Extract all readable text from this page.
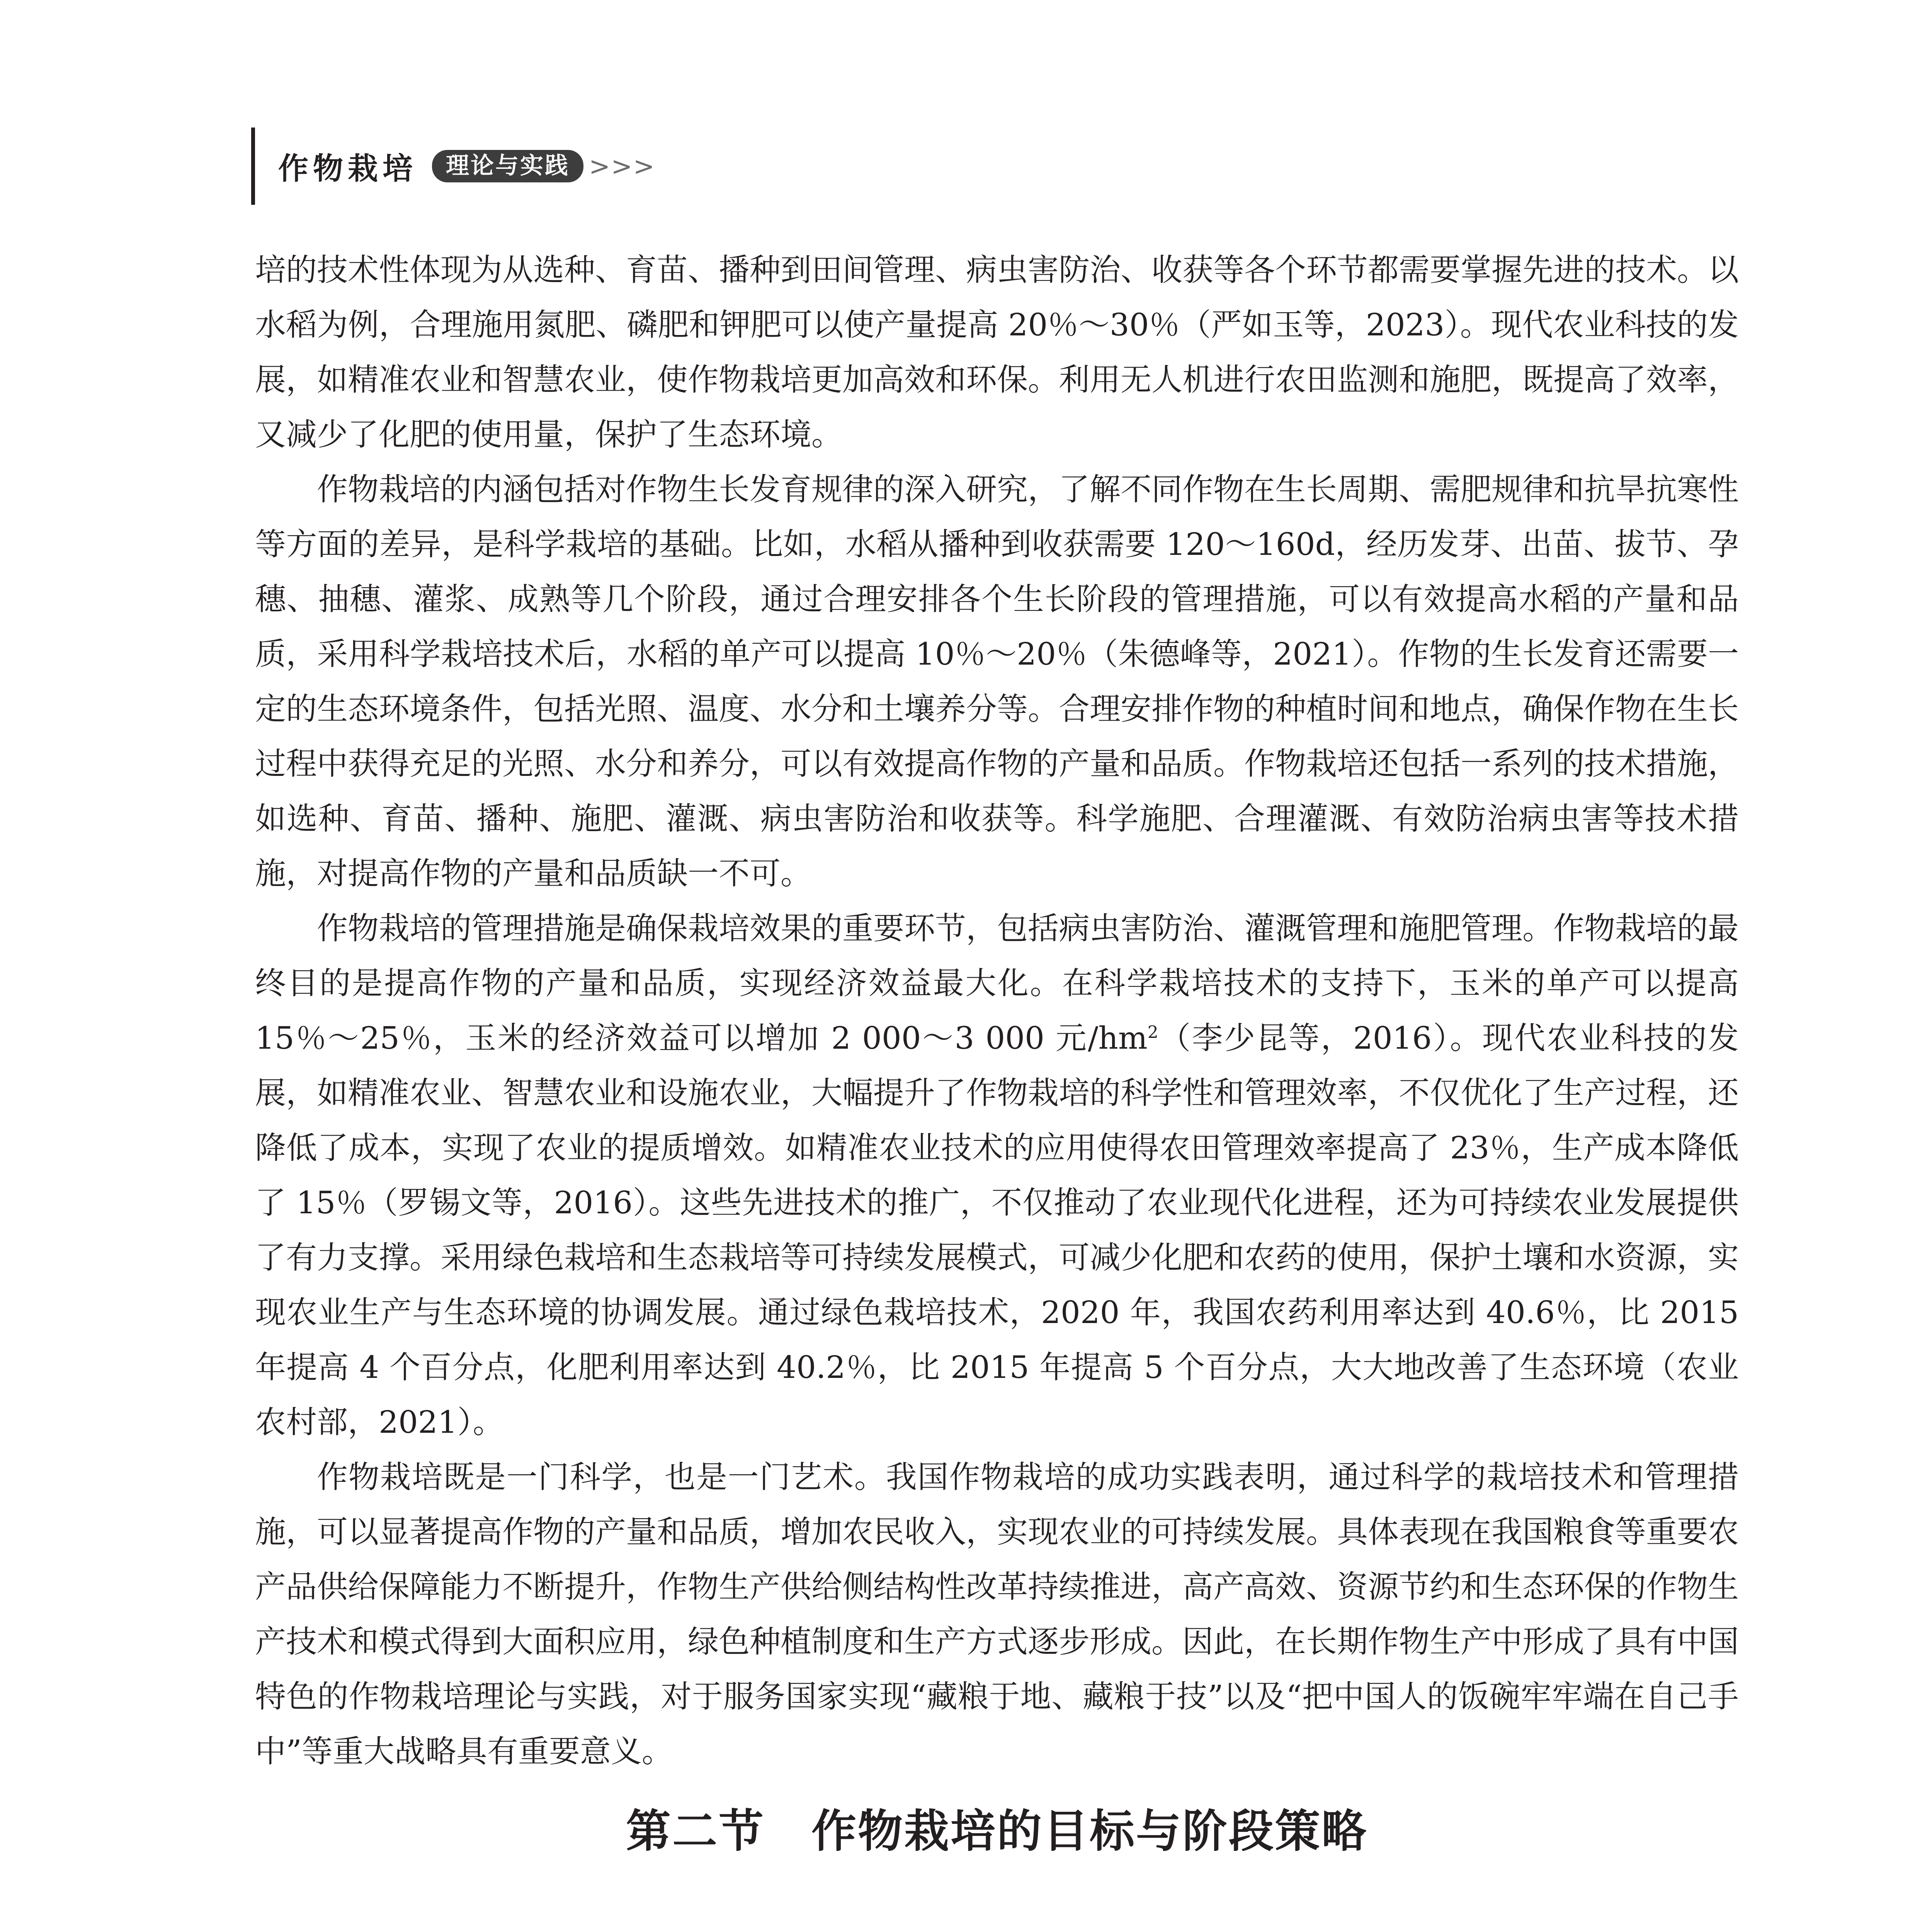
作物栽培	理论与实践 >>>

培的技术性体现为从选种、育苗、播种到田间管理、病虫害防治、收获等各个环节都需要掌握先进的技术。以水稻为例，合理施用氮肥、磷肥和钾肥可以使产量提高 20％～30％（严如玉等，2023）。现代农业科技的发展，如精准农业和智慧农业，使作物栽培更加高效和环保。利用无人机进行农田监测和施肥，既提高了效率，又减少了化肥的使用量，保护了生态环境。

作物栽培的内涵包括对作物生长发育规律的深入研究，了解不同作物在生长周期、需肥规律和抗旱抗寒性等方面的差异，是科学栽培的基础。比如，水稻从播种到收获需要 120～160d，经历发芽、出苗、拔节、孕穗、抽穗、灌浆、成熟等几个阶段，通过合理安排各个生长阶段的管理措施，可以有效提高水稻的产量和品质，采用科学栽培技术后，水稻的单产可以提高 10％～20％（朱德峰等，2021）。作物的生长发育还需要一定的生态环境条件，包括光照、温度、水分和土壤养分等。合理安排作物的种植时间和地点，确保作物在生长过程中获得充足的光照、水分和养分，可以有效提高作物的产量和品质。作物栽培还包括一系列的技术措施，如选种、育苗、播种、施肥、灌溉、病虫害防治和收获等。科学施肥、合理灌溉、有效防治病虫害等技术措施，对提高作物的产量和品质缺一不可。

作物栽培的管理措施是确保栽培效果的重要环节，包括病虫害防治、灌溉管理和施肥管理。作物栽培的最终目的是提高作物的产量和品质，实现经济效益最大化。在科学栽培技术的支持下，玉米的单产可以提高 15％～25％，玉米的经济效益可以增加 2 000～3 000 元$/hm^2$（李少昆等，2016）。现代农业科技的发展，如精准农业、智慧农业和设施农业，大幅提升了作物栽培的科学性和管理效率，不仅优化了生产过程，还降低了成本，实现了农业的提质增效。如精准农业技术的应用使得农田管理效率提高了 23％，生产成本降低了 15％（罗锡文等，2016）。这些先进技术的推广，不仅推动了农业现代化进程，还为可持续农业发展提供了有力支撑。采用绿色栽培和生态栽培等可持续发展模式，可减少化肥和农药的使用，保护土壤和水资源，实现农业生产与生态环境的协调发展。通过绿色栽培技术，2020 年，我国农药利用率达到 40.6％，比 2015 年提高 4 个百分点，化肥利用率达到 40.2％，比 2015 年提高 5 个百分点，大大地改善了生态环境（农业农村部，2021）。

作物栽培既是一门科学，也是一门艺术。我国作物栽培的成功实践表明，通过科学的栽培技术和管理措施，可以显著提高作物的产量和品质，增加农民收入，实现农业的可持续发展。具体表现在我国粮食等重要农产品供给保障能力不断提升，作物生产供给侧结构性改革持续推进，高产高效、资源节约和生态环保的作物生产技术和模式得到大面积应用，绿色种植制度和生产方式逐步形成。因此，在长期作物生产中形成了具有中国特色的作物栽培理论与实践，对于服务国家实现“藏粮于地、藏粮于技”以及“把中国人的饭碗牢牢端在自己手中”等重大战略具有重要意义。

第二节 作物栽培的目标与阶段策略
